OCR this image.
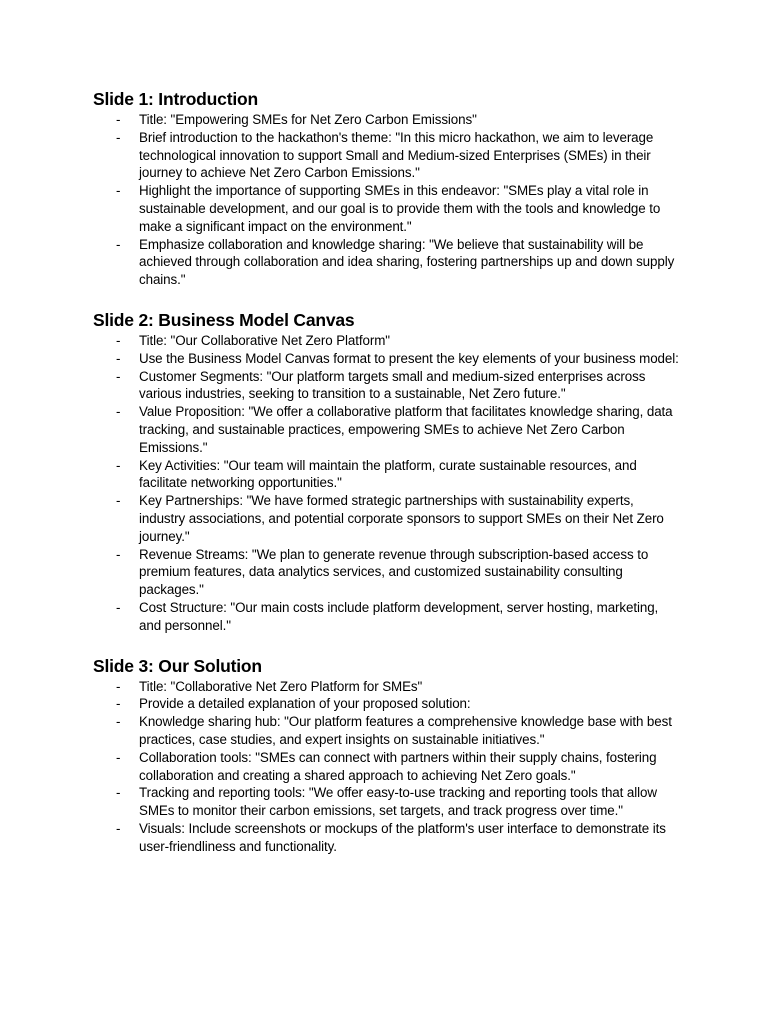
Slide 1: Introduction
- Title: "Empowering SMEs for Net Zero Carbon Emissions"
- Brief introduction to the hackathon's theme: "In this micro hackathon, we aim to leverage technological innovation to support Small and Medium-sized Enterprises (SMEs) in their journey to achieve Net Zero Carbon Emissions."
- Highlight the importance of supporting SMEs in this endeavor: "SMEs play a vital role in sustainable development, and our goal is to provide them with the tools and knowledge to make a significant impact on the environment."
- Emphasize collaboration and knowledge sharing: "We believe that sustainability will be achieved through collaboration and idea sharing, fostering partnerships up and down supply chains."
Slide 2: Business Model Canvas
- Title: "Our Collaborative Net Zero Platform"
- Use the Business Model Canvas format to present the key elements of your business model:
- Customer Segments: "Our platform targets small and medium-sized enterprises across various industries, seeking to transition to a sustainable, Net Zero future."
- Value Proposition: "We offer a collaborative platform that facilitates knowledge sharing, data tracking, and sustainable practices, empowering SMEs to achieve Net Zero Carbon Emissions."
- Key Activities: "Our team will maintain the platform, curate sustainable resources, and facilitate networking opportunities."
- Key Partnerships: "We have formed strategic partnerships with sustainability experts, industry associations, and potential corporate sponsors to support SMEs on their Net Zero journey."
- Revenue Streams: "We plan to generate revenue through subscription-based access to premium features, data analytics services, and customized sustainability consulting packages."
- Cost Structure: "Our main costs include platform development, server hosting, marketing, and personnel."
Slide 3: Our Solution
- Title: "Collaborative Net Zero Platform for SMEs"
- Provide a detailed explanation of your proposed solution:
- Knowledge sharing hub: "Our platform features a comprehensive knowledge base with best practices, case studies, and expert insights on sustainable initiatives."
- Collaboration tools: "SMEs can connect with partners within their supply chains, fostering collaboration and creating a shared approach to achieving Net Zero goals."
- Tracking and reporting tools: "We offer easy-to-use tracking and reporting tools that allow SMEs to monitor their carbon emissions, set targets, and track progress over time."
- Visuals: Include screenshots or mockups of the platform's user interface to demonstrate its user-friendliness and functionality.
